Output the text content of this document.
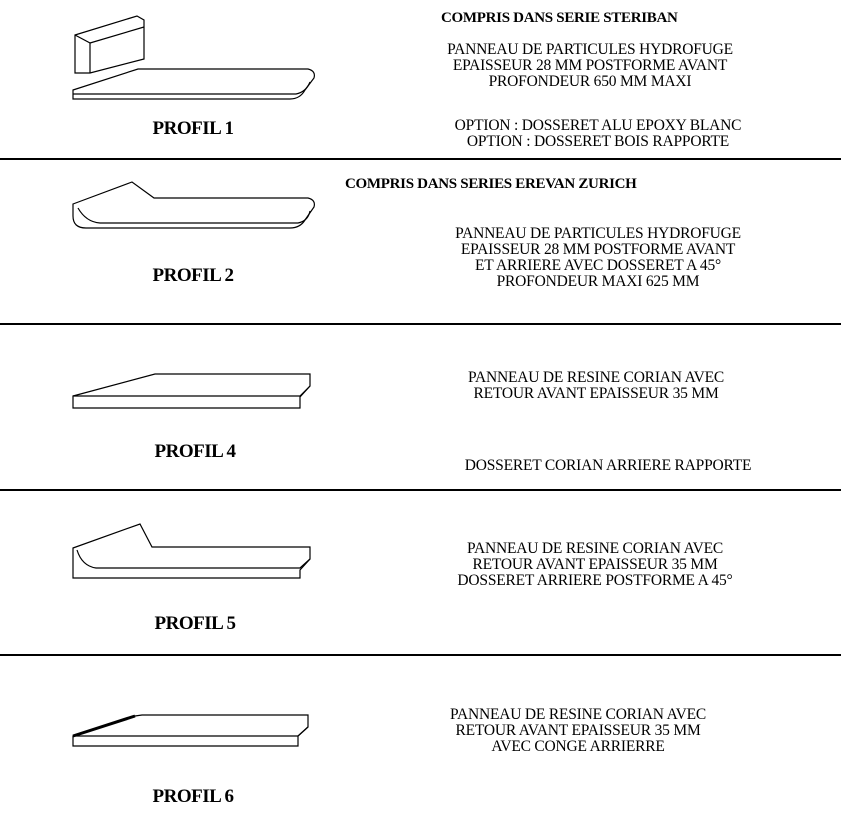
PROFIL 1
COMPRIS DANS SERIE STERIBAN
PANNEAU DE PARTICULES HYDROFUGE
EPAISSEUR 28 MM POSTFORME AVANT
PROFONDEUR 650 MM MAXI
OPTION : DOSSERET ALU EPOXY BLANC
OPTION : DOSSERET BOIS RAPPORTE
PROFIL 2
COMPRIS DANS SERIES EREVAN ZURICH
PANNEAU DE PARTICULES HYDROFUGE
EPAISSEUR 28 MM POSTFORME AVANT
ET ARRIERE AVEC DOSSERET A 45°
PROFONDEUR MAXI 625 MM
PROFIL 4
PANNEAU DE RESINE CORIAN AVEC
RETOUR AVANT EPAISSEUR 35 MM
DOSSERET CORIAN ARRIERE RAPPORTE
PROFIL 5
PANNEAU DE RESINE CORIAN AVEC
RETOUR AVANT EPAISSEUR 35 MM
DOSSERET ARRIERE POSTFORME A 45°
PROFIL 6
PANNEAU DE RESINE CORIAN AVEC
RETOUR AVANT EPAISSEUR 35 MM
AVEC CONGE ARRIERRE
